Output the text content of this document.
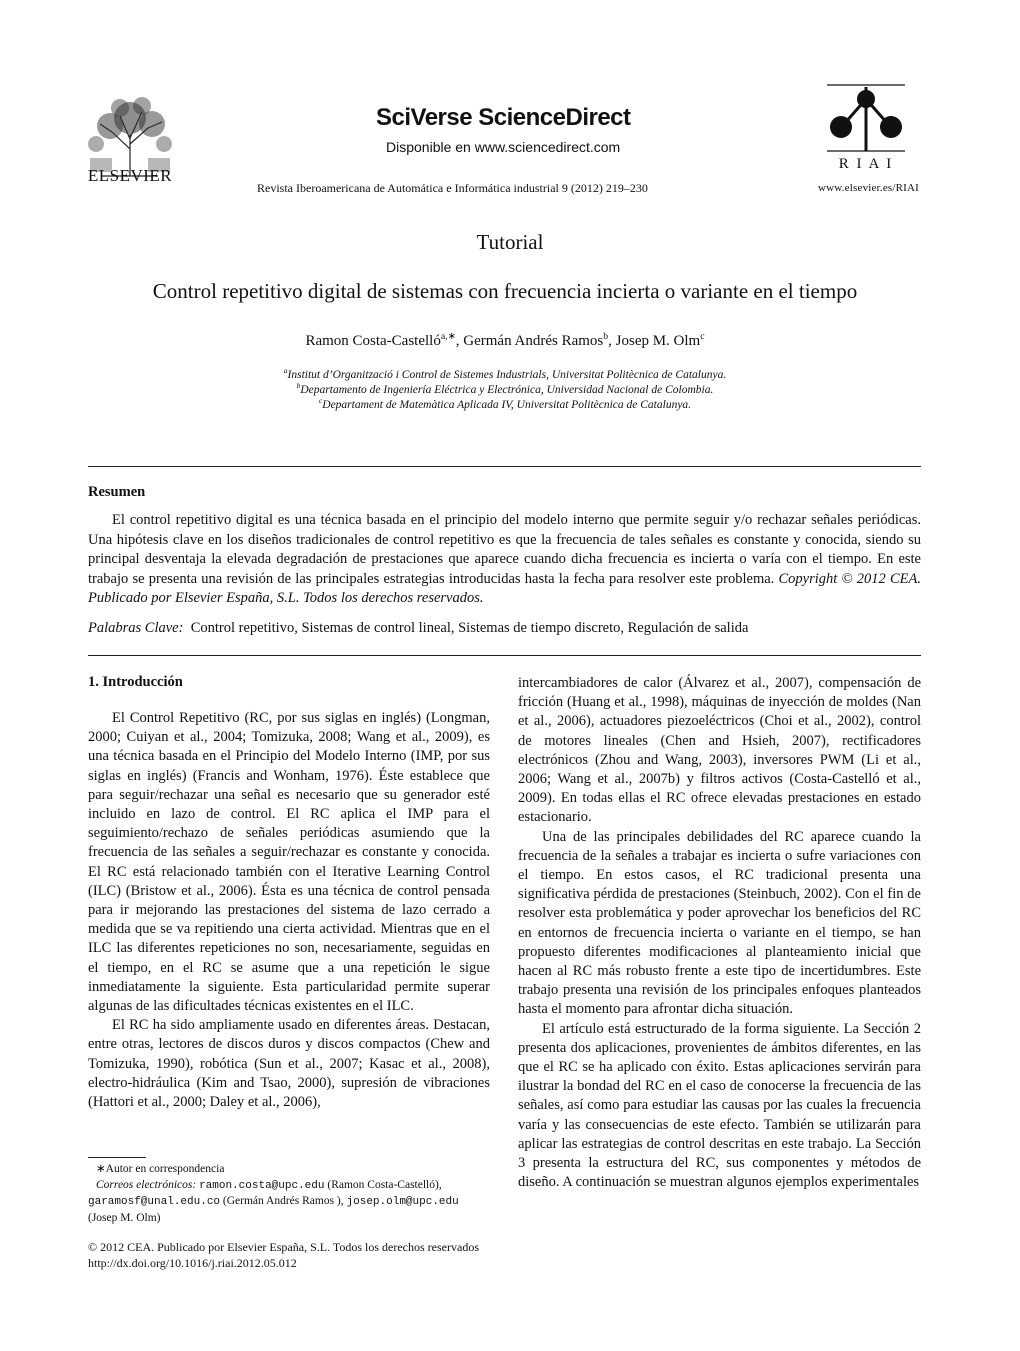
ELSEVIER
SciVerse ScienceDirect
Disponible en www.sciencedirect.com
Revista Iberoamericana de Automática e Informática industrial 9 (2012) 219–230
R I A I
www.elsevier.es/RIAI
Tutorial
Control repetitivo digital de sistemas con frecuencia incierta o variante en el tiempo
Ramon Costa-Castelló$^{a,∗}$, Germán Andrés Ramos$^b$, Josep M. Olm$^c$
$^a$Institut d’Organització i Control de Sistemes Industrials, Universitat Politècnica de Catalunya.
$^b$Departamento de Ingeniería Eléctrica y Electrónica, Universidad Nacional de Colombia.
$^c$Departament de Matemàtica Aplicada IV, Universitat Politècnica de Catalunya.
Resumen
El control repetitivo digital es una técnica basada en el principio del modelo interno que permite seguir y/o rechazar señales periódicas. Una hipótesis clave en los diseños tradicionales de control repetitivo es que la frecuencia de tales señales es constante y conocida, siendo su principal desventaja la elevada degradación de prestaciones que aparece cuando dicha frecuencia es incierta o varía con el tiempo. En este trabajo se presenta una revisión de las principales estrategias introducidas hasta la fecha para resolver este problema. Copyright © 2012 CEA. Publicado por Elsevier España, S.L. Todos los derechos reservados.
Palabras Clave: Control repetitivo, Sistemas de control lineal, Sistemas de tiempo discreto, Regulación de salida
1. Introducción

El Control Repetitivo (RC, por sus siglas en inglés) (Longman, 2000; Cuiyan et al., 2004; Tomizuka, 2008; Wang et al., 2009), es una técnica basada en el Principio del Modelo Interno (IMP, por sus siglas en inglés) (Francis and Wonham, 1976). Éste establece que para seguir/rechazar una señal es necesario que su generador esté incluido en lazo de control. El RC aplica el IMP para el seguimiento/rechazo de señales periódicas asumiendo que la frecuencia de las señales a seguir/rechazar es constante y conocida. El RC está relacionado también con el Iterative Learning Control (ILC) (Bristow et al., 2006). Ésta es una técnica de control pensada para ir mejorando las prestaciones del sistema de lazo cerrado a medida que se va repitiendo una cierta actividad. Mientras que en el ILC las diferentes repeticiones no son, necesariamente, seguidas en el tiempo, en el RC se asume que a una repetición le sigue inmediatamente la siguiente. Esta particularidad permite superar algunas de las dificultades técnicas existentes en el ILC.

El RC ha sido ampliamente usado en diferentes áreas. Destacan, entre otras, lectores de discos duros y discos compactos (Chew and Tomizuka, 1990), robótica (Sun et al., 2007; Kasac et al., 2008), electro-hidráulica (Kim and Tsao, 2000), supresión de vibraciones (Hattori et al., 2000; Daley et al., 2006),

intercambiadores de calor (Álvarez et al., 2007), compensación de fricción (Huang et al., 1998), máquinas de inyección de moldes (Nan et al., 2006), actuadores piezoeléctricos (Choi et al., 2002), control de motores lineales (Chen and Hsieh, 2007), rectificadores electrónicos (Zhou and Wang, 2003), inversores PWM (Li et al., 2006; Wang et al., 2007b) y filtros activos (Costa-Castelló et al., 2009). En todas ellas el RC ofrece elevadas prestaciones en estado estacionario.

Una de las principales debilidades del RC aparece cuando la frecuencia de la señales a trabajar es incierta o sufre variaciones con el tiempo. En estos casos, el RC tradicional presenta una significativa pérdida de prestaciones (Steinbuch, 2002). Con el fin de resolver esta problemática y poder aprovechar los beneficios del RC en entornos de frecuencia incierta o variante en el tiempo, se han propuesto diferentes modificaciones al planteamiento inicial que hacen al RC más robusto frente a este tipo de incertidumbres. Este trabajo presenta una revisión de los principales enfoques planteados hasta el momento para afrontar dicha situación.

El artículo está estructurado de la forma siguiente. La Sección 2 presenta dos aplicaciones, provenientes de ámbitos diferentes, en las que el RC se ha aplicado con éxito. Estas aplicaciones servirán para ilustrar la bondad del RC en el caso de conocerse la frecuencia de las señales, así como para estudiar las causas por las cuales la frecuencia varía y las consecuencias de este efecto. También se utilizarán para aplicar las estrategias de control descritas en este trabajo. La Sección 3 presenta la estructura del RC, sus componentes y métodos de diseño. A continuación se muestran algunos ejemplos experimentales

∗Autor en correspondencia
Correos electrónicos: ramon.costa@upc.edu (Ramon Costa-Castelló), garamosf@unal.edu.co (Germán Andrés Ramos ), josep.olm@upc.edu (Josep M. Olm)
© 2012 CEA. Publicado por Elsevier España, S.L. Todos los derechos reservados
http://dx.doi.org/10.1016/j.riai.2012.05.012
